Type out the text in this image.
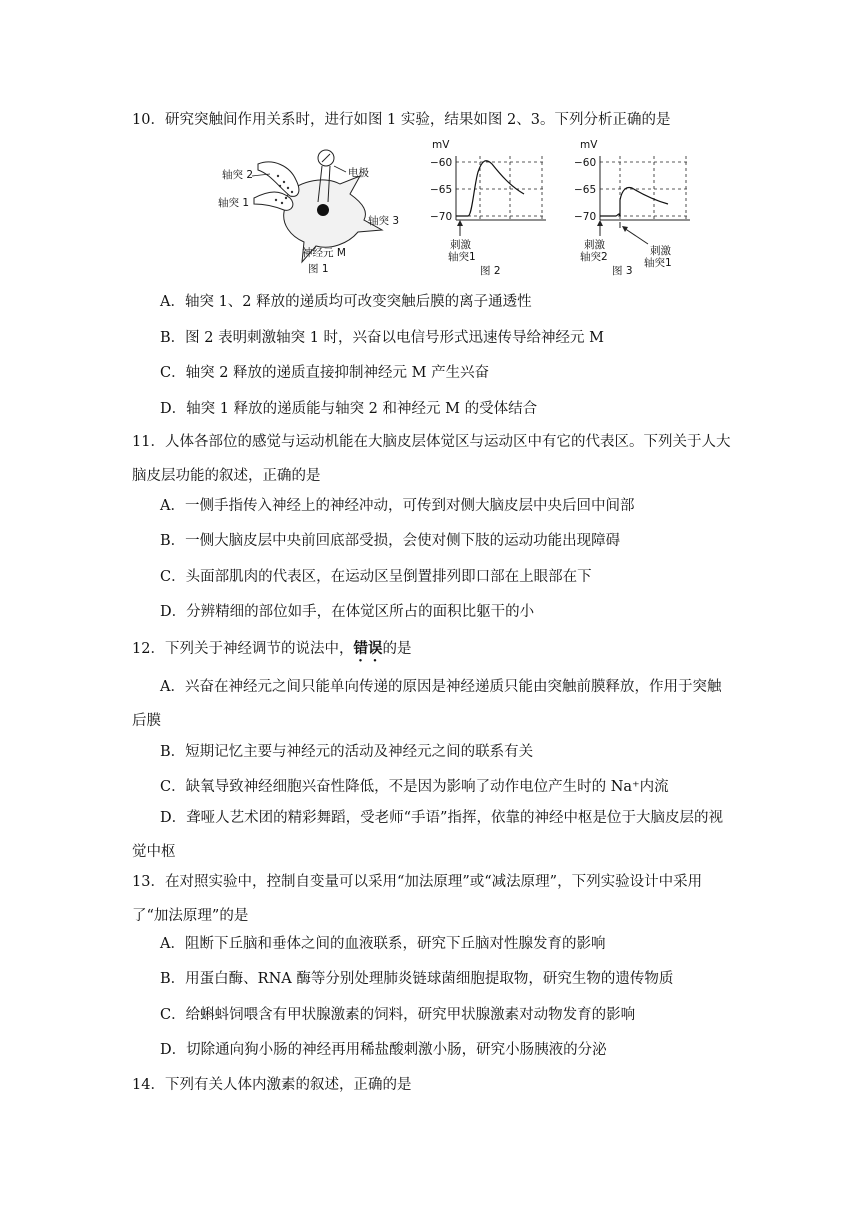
10．研究突触间作用关系时，进行如图 1 实验，结果如图 2、3。下列分析正确的是
电极
轴突 2
轴突 1
轴突 3
神经元 M
图 1
mV
−60
−65
−70
刺激
轴突1
图 2
mV
−60
−65
−70
刺激
轴突2	刺激
轴突1
图 3
A．轴突 1、2 释放的递质均可改变突触后膜的离子通透性
B．图 2 表明刺激轴突 1 时，兴奋以电信号形式迅速传导给神经元 M
C．轴突 2 释放的递质直接抑制神经元 M 产生兴奋
D．轴突 1 释放的递质能与轴突 2 和神经元 M 的受体结合
11．人体各部位的感觉与运动机能在大脑皮层体觉区与运动区中有它的代表区。下列关于人大脑皮层功能的叙述，正确的是
A．一侧手指传入神经上的神经冲动，可传到对侧大脑皮层中央后回中间部
B．一侧大脑皮层中央前回底部受损，会使对侧下肢的运动功能出现障碍
C．头面部肌肉的代表区，在运动区呈倒置排列即口部在上眼部在下
D．分辨精细的部位如手，在体觉区所占的面积比躯干的小
12．下列关于神经调节的说法中，错误的是
A．兴奋在神经元之间只能单向传递的原因是神经递质只能由突触前膜释放，作用于突触后膜
B．短期记忆主要与神经元的活动及神经元之间的联系有关
C．缺氧导致神经细胞兴奋性降低，不是因为影响了动作电位产生时的 Na⁺内流
D．聋哑人艺术团的精彩舞蹈，受老师“手语”指挥，依靠的神经中枢是位于大脑皮层的视觉中枢
13．在对照实验中，控制自变量可以采用“加法原理”或“减法原理”，下列实验设计中采用了“加法原理”的是
A．阻断下丘脑和垂体之间的血液联系，研究下丘脑对性腺发育的影响
B．用蛋白酶、RNA 酶等分别处理肺炎链球菌细胞提取物，研究生物的遗传物质
C．给蝌蚪饲喂含有甲状腺激素的饲料，研究甲状腺激素对动物发育的影响
D．切除通向狗小肠的神经再用稀盐酸刺激小肠，研究小肠胰液的分泌
14．下列有关人体内激素的叙述，正确的是
